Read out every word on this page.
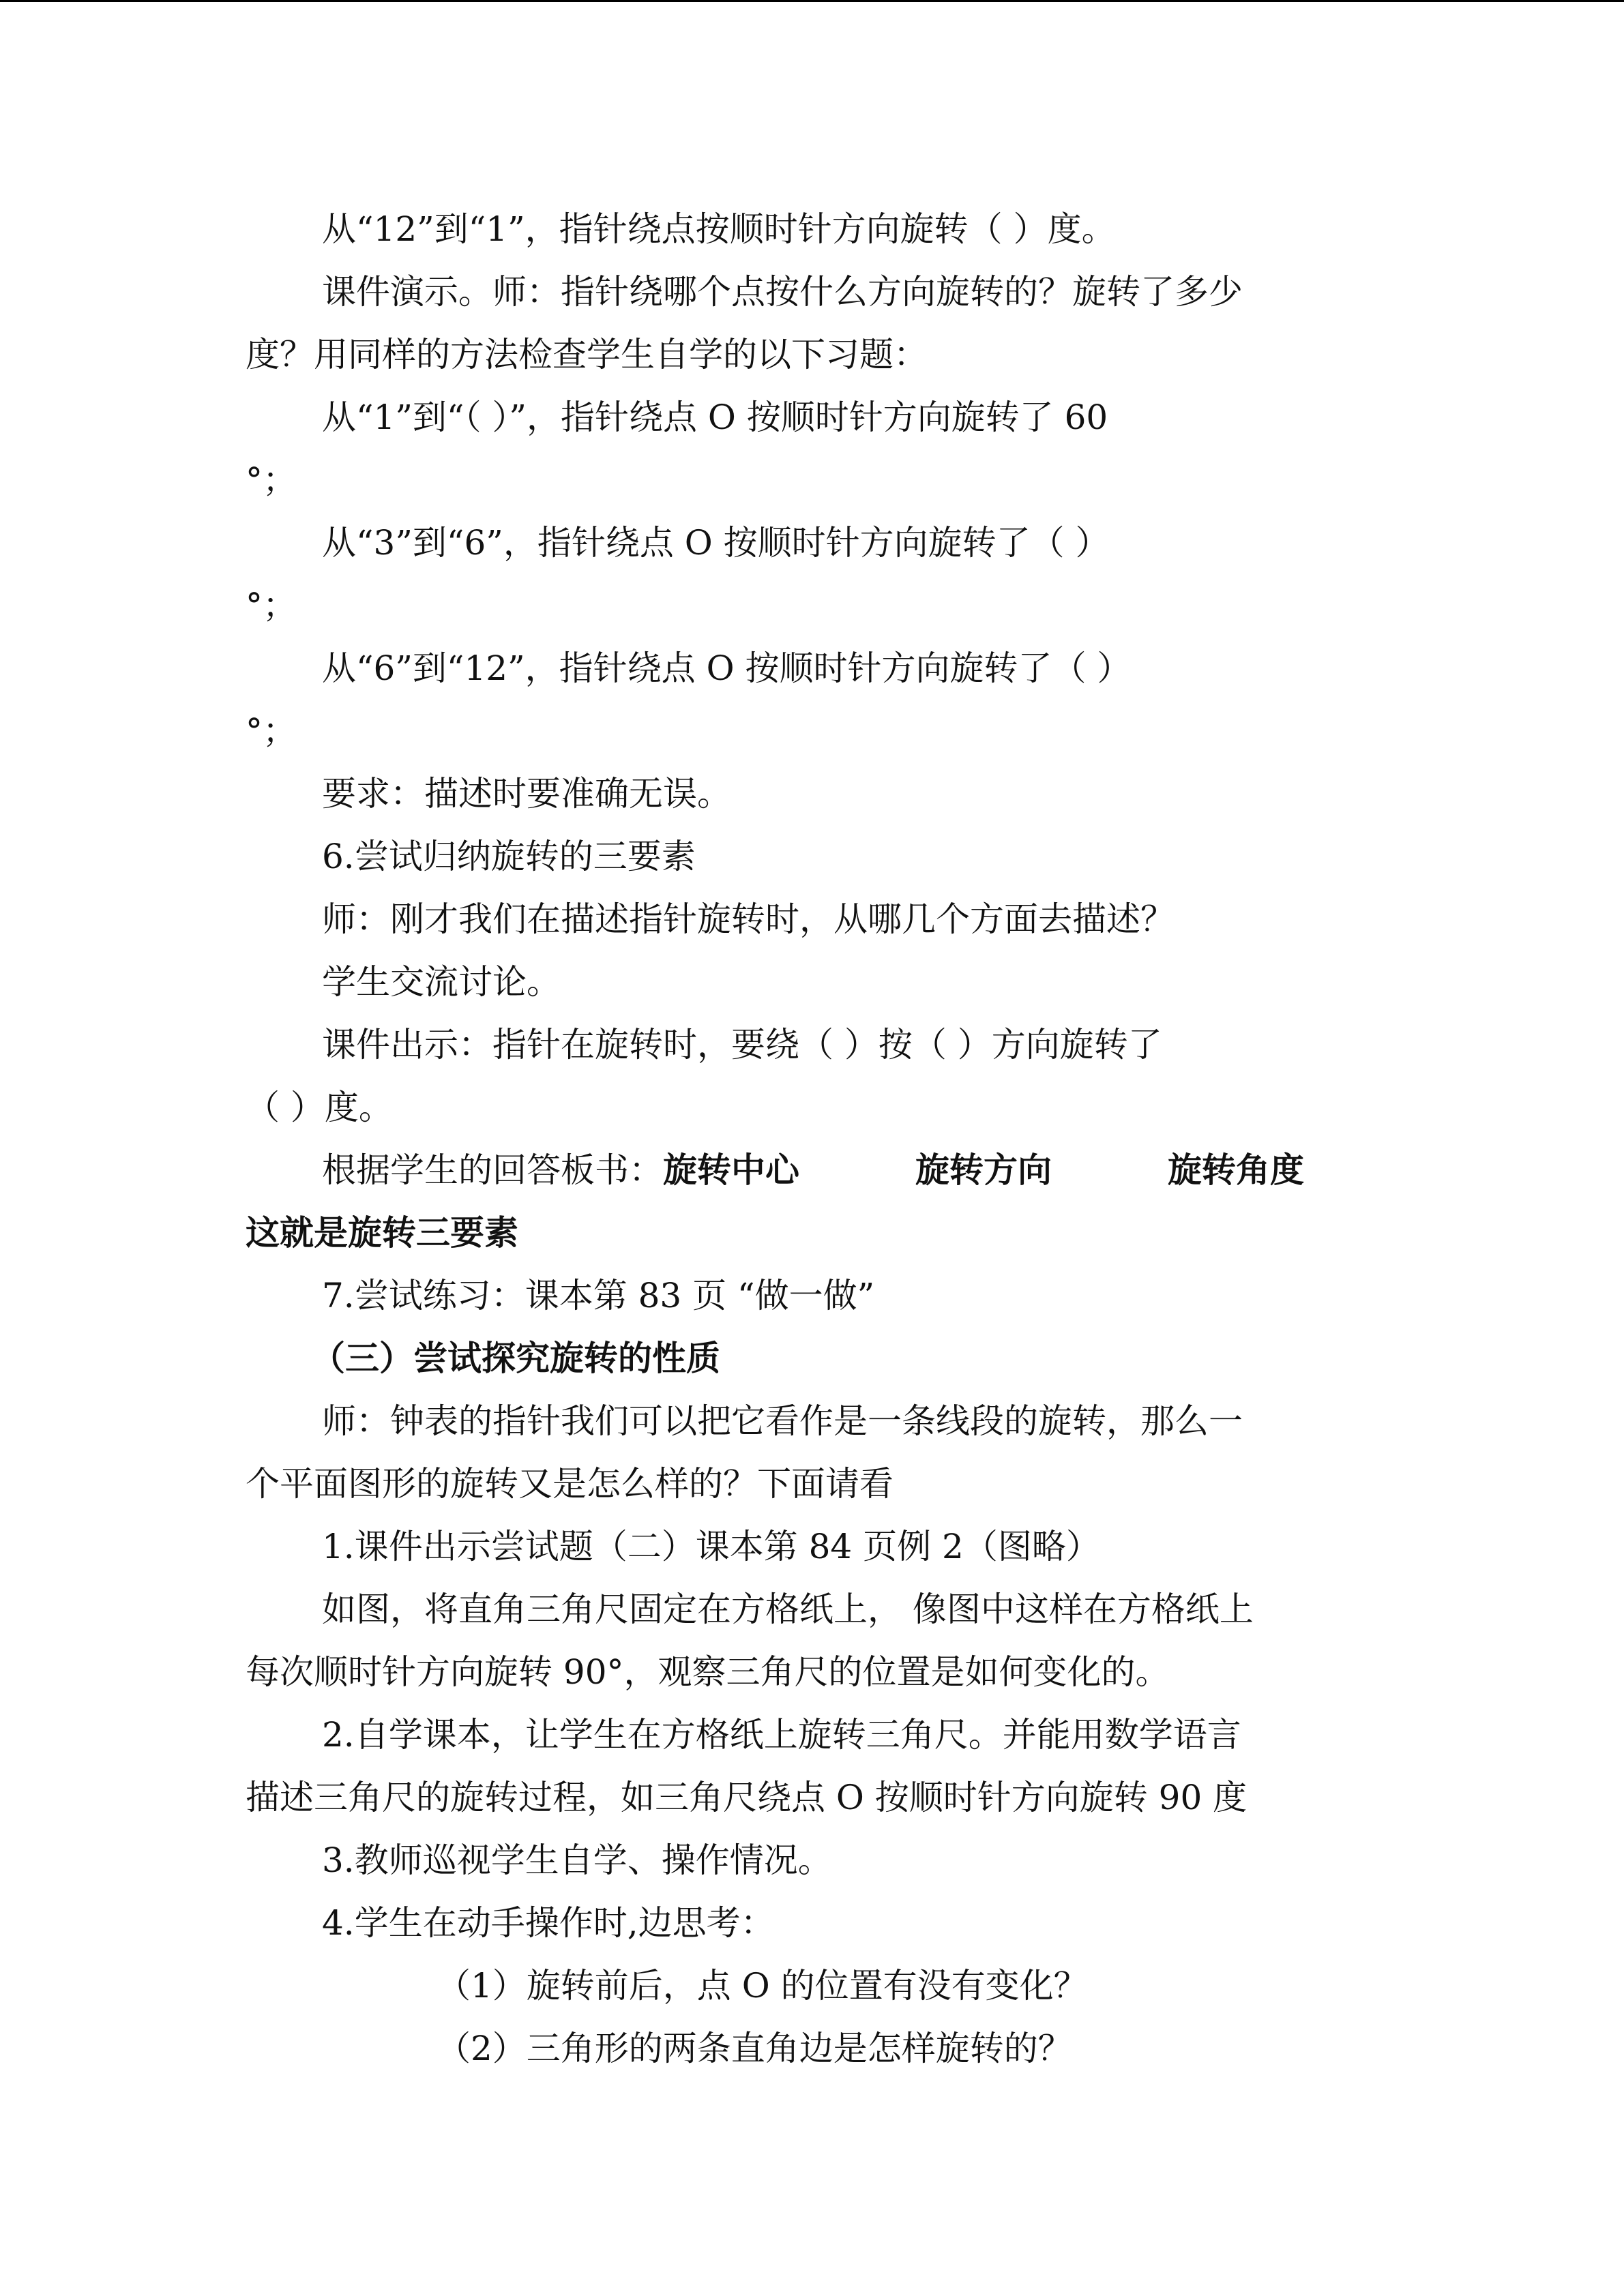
从“12”到“1”，指针绕点按顺时针方向旋转（ ）度。

课件演示。师：指针绕哪个点按什么方向旋转的？旋转了多少

度？用同样的方法检查学生自学的以下习题：

从“1”到“（ ）”，指针绕点 O 按顺时针方向旋转了 60

°；

从“3”到“6”，指针绕点 O 按顺时针方向旋转了（ ）

°；

从“6”到“12”，指针绕点 O 按顺时针方向旋转了（ ）

°；

要求：描述时要准确无误。

6.尝试归纳旋转的三要素

师：刚才我们在描述指针旋转时，从哪几个方面去描述？

学生交流讨论。

课件出示：指针在旋转时，要绕（ ）按（ ）方向旋转了

（ ）度。

根据学生的回答板书：旋转中心	旋转方向	旋转角度

这就是旋转三要素

7.尝试练习：课本第 83 页 “做一做”

（三）尝试探究旋转的性质

师：钟表的指针我们可以把它看作是一条线段的旋转，那么一

个平面图形的旋转又是怎么样的？下面请看

1.课件出示尝试题（二）课本第 84 页例 2（图略）

如图，将直角三角尺固定在方格纸上， 像图中这样在方格纸上

每次顺时针方向旋转 90°，观察三角尺的位置是如何变化的。

2.自学课本，让学生在方格纸上旋转三角尺。并能用数学语言

描述三角尺的旋转过程，如三角尺绕点 O 按顺时针方向旋转 90 度

3.教师巡视学生自学、操作情况。

4.学生在动手操作时,边思考：

（1）旋转前后，点 O 的位置有没有变化？

（2）三角形的两条直角边是怎样旋转的？
